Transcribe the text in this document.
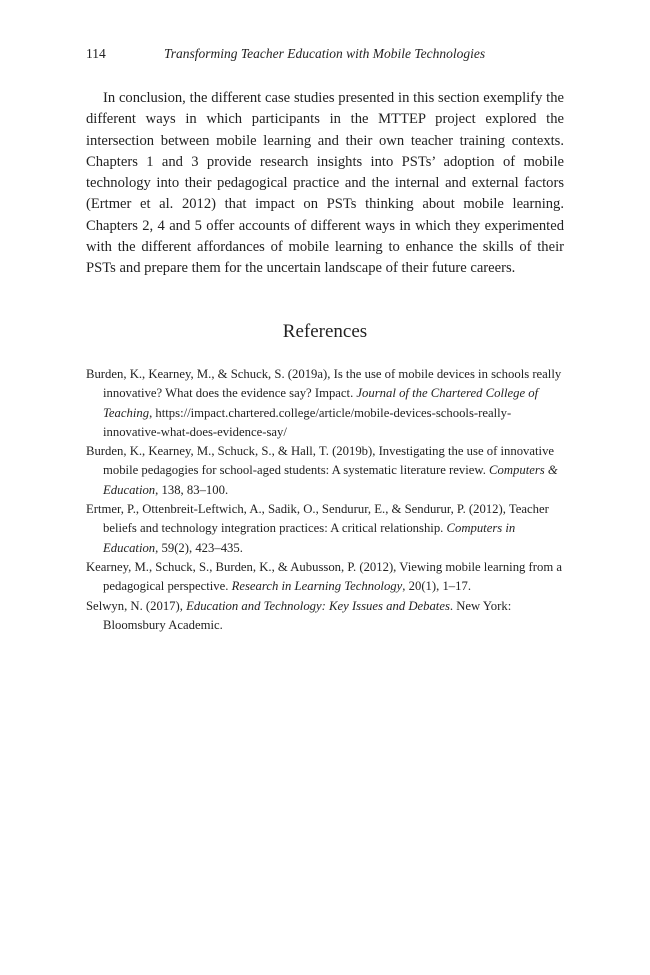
114	Transforming Teacher Education with Mobile Technologies

In conclusion, the different case studies presented in this section exemplify the different ways in which participants in the MTTEP project explored the intersection between mobile learning and their own teacher training contexts. Chapters 1 and 3 provide research insights into PSTs’ adoption of mobile technology into their pedagogical practice and the internal and external factors (Ertmer et al. 2012) that impact on PSTs thinking about mobile learning. Chapters 2, 4 and 5 offer accounts of different ways in which they experimented with the different affordances of mobile learning to enhance the skills of their PSTs and prepare them for the uncertain landscape of their future careers.

References
Burden, K., Kearney, M., & Schuck, S. (2019a), Is the use of mobile devices in schools really innovative? What does the evidence say? Impact. Journal of the Chartered College of Teaching, https://impact.chartered.college/article/mobile-devices-schools-really-innovative-what-does-evidence-say/
Burden, K., Kearney, M., Schuck, S., & Hall, T. (2019b), Investigating the use of innovative mobile pedagogies for school-aged students: A systematic literature review. Computers & Education, 138, 83–100.
Ertmer, P., Ottenbreit-Leftwich, A., Sadik, O., Sendurur, E., & Sendurur, P. (2012), Teacher beliefs and technology integration practices: A critical relationship. Computers in Education, 59(2), 423–435.
Kearney, M., Schuck, S., Burden, K., & Aubusson, P. (2012), Viewing mobile learning from a pedagogical perspective. Research in Learning Technology, 20(1), 1–17.
Selwyn, N. (2017), Education and Technology: Key Issues and Debates. New York: Bloomsbury Academic.
